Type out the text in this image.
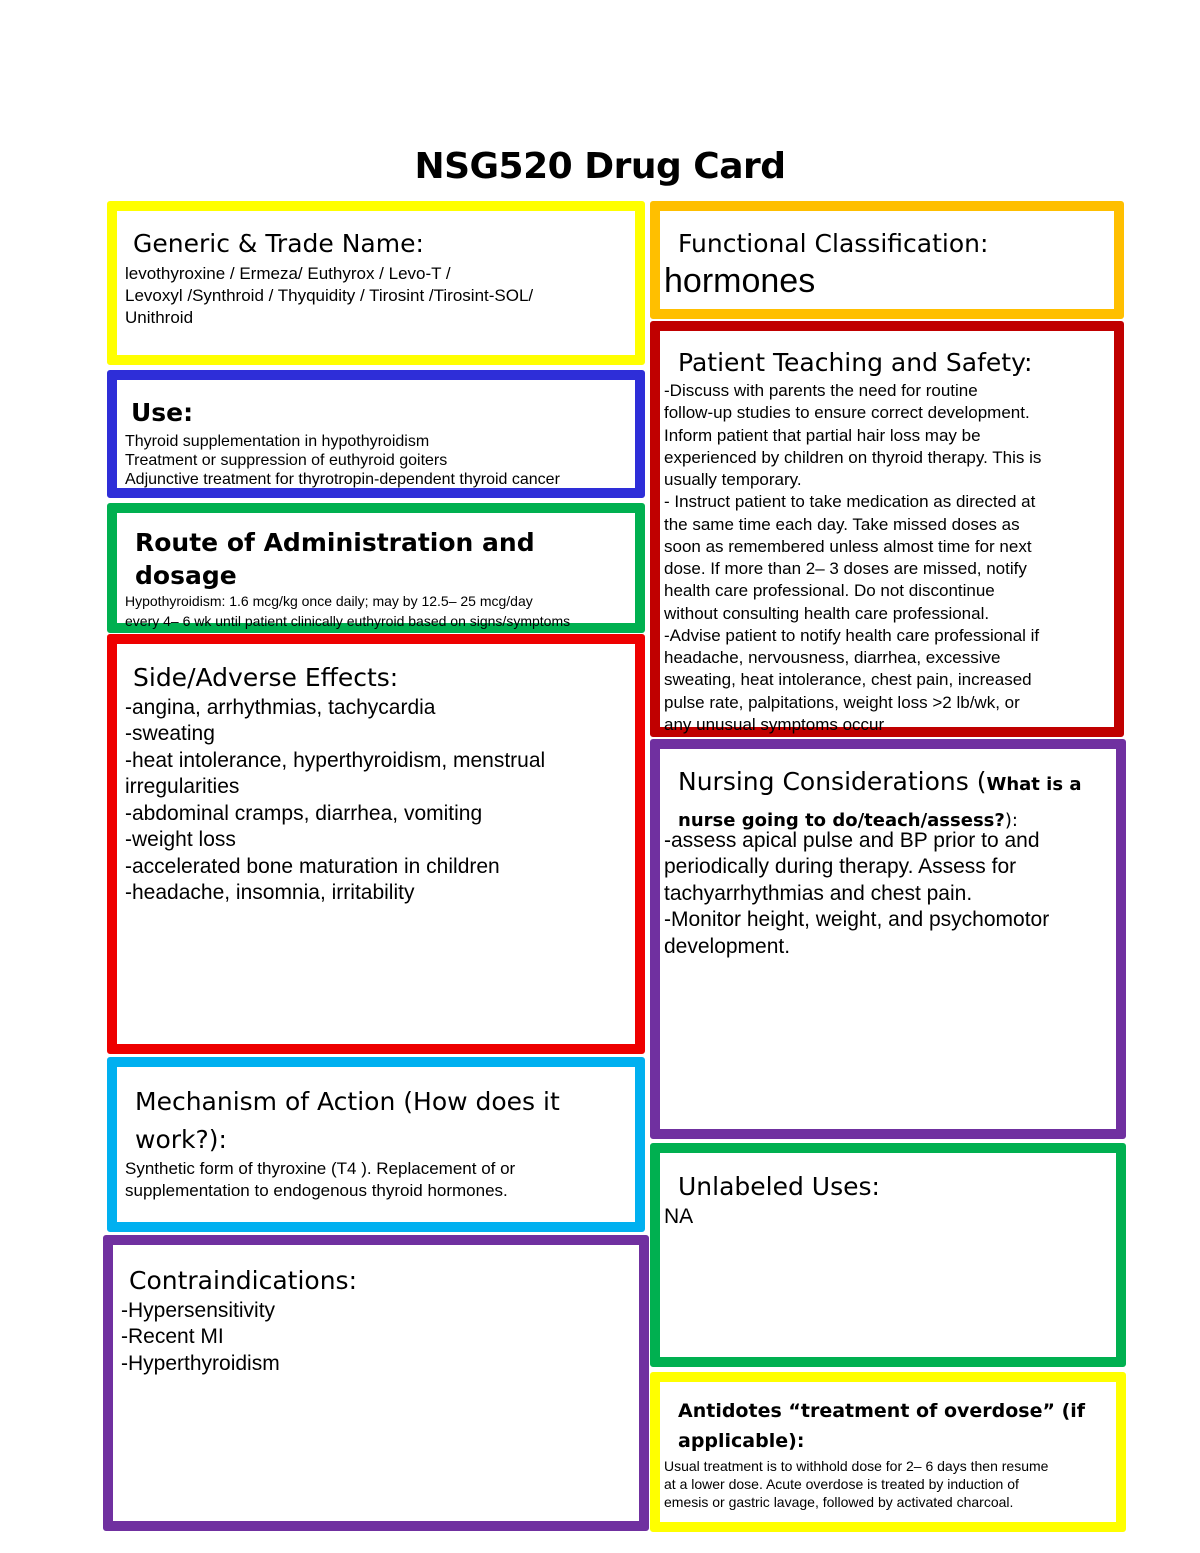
NSG520 Drug Card

Generic & Trade Name:

levothyroxine / Ermeza/ Euthyrox / Levo-T /
Levoxyl /Synthroid / Thyquidity / Tirosint /Tirosint-SOL/
Unithroid

Functional Classification:

hormones

Use:

Thyroid supplementation in hypothyroidism
Treatment or suppression of euthyroid goiters
Adjunctive treatment for thyrotropin-dependent thyroid cancer

Route of Administration and dosage

Hypothyroidism: 1.6 mcg/kg once daily; may by 12.5– 25 mcg/day
every 4– 6 wk until patient clinically euthyroid based on signs/symptoms

Side/Adverse Effects:

-angina, arrhythmias, tachycardia
-sweating
-heat intolerance, hyperthyroidism, menstrual
irregularities
-abdominal cramps, diarrhea, vomiting
-weight loss
-accelerated bone maturation in children
-headache, insomnia, irritability

Patient Teaching and Safety:

-Discuss with parents the need for routine
follow-up studies to ensure correct development.
Inform patient that partial hair loss may be
experienced by children on thyroid therapy. This is
usually temporary.
- Instruct patient to take medication as directed at
the same time each day. Take missed doses as
soon as remembered unless almost time for next
dose. If more than 2– 3 doses are missed, notify
health care professional. Do not discontinue
without consulting health care professional.
-Advise patient to notify health care professional if
headache, nervousness, diarrhea, excessive
sweating, heat intolerance, chest pain, increased
pulse rate, palpitations, weight loss >2 lb/wk, or
any unusual symptoms occur

Nursing Considerations (What is a

nurse going to do/teach/assess?):

-assess apical pulse and BP prior to and
periodically during therapy. Assess for
tachyarrhythmias and chest pain.
-Monitor height, weight, and psychomotor
development.

Mechanism of Action (How does it
work?):

Synthetic form of thyroxine (T4 ). Replacement of or
supplementation to endogenous thyroid hormones.	Unlabeled Uses:

NA

Contraindications:

-Hypersensitivity
-Recent MI
-Hyperthyroidism

Antidotes “treatment of overdose” (if
applicable):

Usual treatment is to withhold dose for 2– 6 days then resume
at a lower dose. Acute overdose is treated by induction of
emesis or gastric lavage, followed by activated charcoal.
